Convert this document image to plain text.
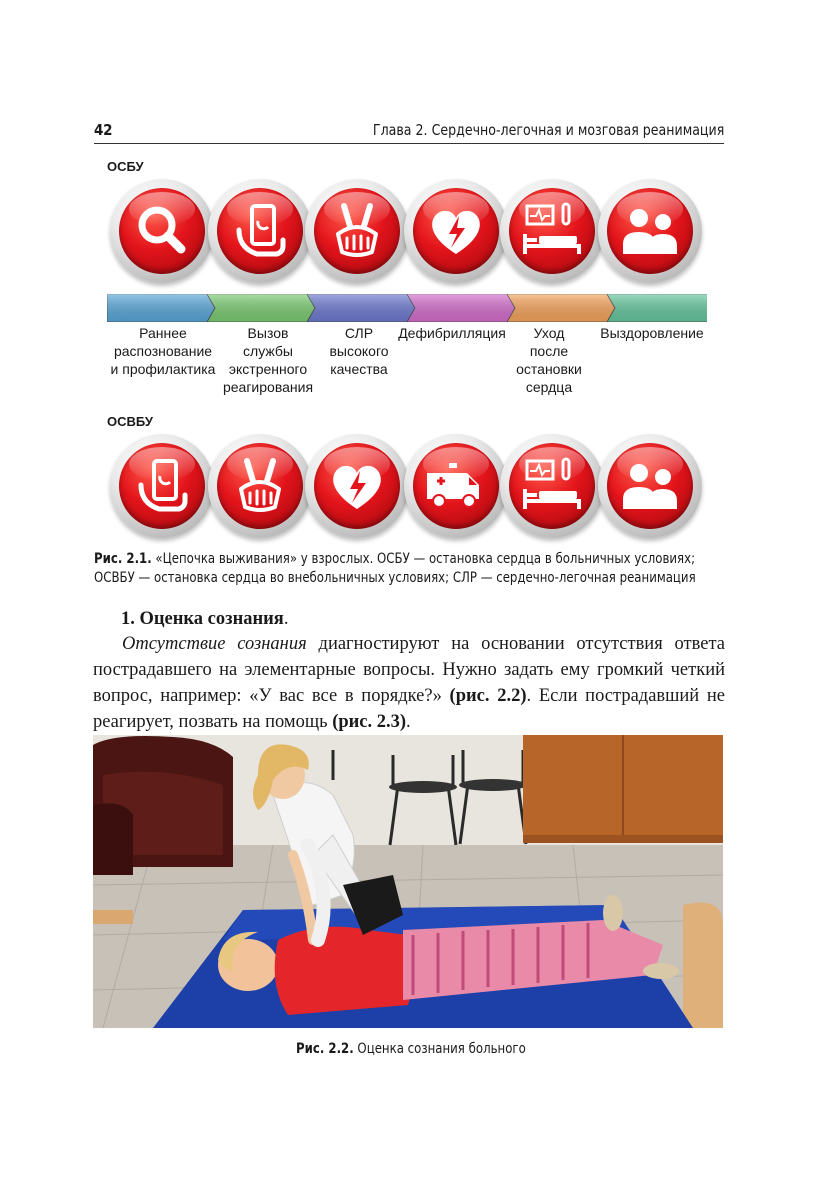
42	Глава 2. Сердечно-легочная и мозговая реанимация
ОСБУ
Раннее
распознование
и профилактика
Вызов
службы
экстренного
реагирования
СЛР
высокого
качества
Дефибрилляция	Уход
после
остановки
сердца
Выздоровление
ОСВБУ
Рис. 2.1. «Цепочка выживания» у взрослых. ОСБУ — остановка сердца в больничных условиях;
ОСВБУ — остановка сердца во внебольничных условиях; СЛР — сердечно-легочная реанимация
1. Оценка сознания.
Отсутствие сознания диагностируют на основании отсутствия ответа пострадавшего на элементарные вопросы. Нужно задать ему громкий четкий вопрос, например: «У вас все в порядке?» (рис. 2.2). Если пострадавший не реагирует, позвать на помощь (рис. 2.3).
Рис. 2.2. Оценка сознания больного
